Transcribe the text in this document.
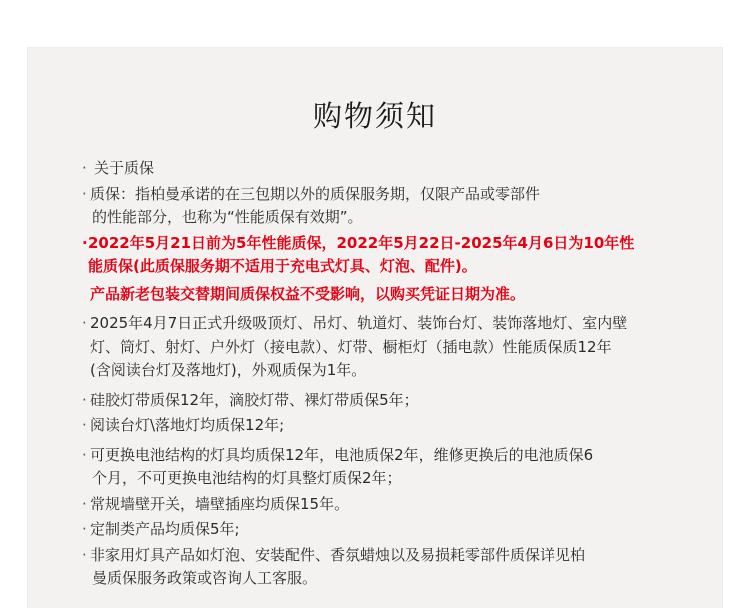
购物须知
· 关于质保
· 质保：指柏曼承诺的在三包期以外的质保服务期，仅限产品或零部件
的性能部分，也称为“性能质保有效期”。
· 2022年5月21日前为5年性能质保，2022年5月22日-2025年4月6日为10年性
能质保(此质保服务期不适用于充电式灯具、灯泡、配件)。
产品新老包装交替期间质保权益不受影响，以购买凭证日期为准。
· 2025年4月7日正式升级吸顶灯、吊灯、轨道灯、装饰台灯、装饰落地灯、室内壁
灯、筒灯、射灯、户外灯（接电款）、灯带、橱柜灯（插电款）性能质保质12年
(含阅读台灯及落地灯)，外观质保为1年。
· 硅胶灯带质保12年，滴胶灯带、裸灯带质保5年；
· 阅读台灯\落地灯均质保12年;
· 可更换电池结构的灯具均质保12年，电池质保2年，维修更换后的电池质保6
个月，不可更换电池结构的灯具整灯质保2年；
· 常规墙壁开关，墙壁插座均质保15年。
· 定制类产品均质保5年;
· 非家用灯具产品如灯泡、安装配件、香氛蜡烛以及易损耗零部件质保详见柏
曼质保服务政策或咨询人工客服。
